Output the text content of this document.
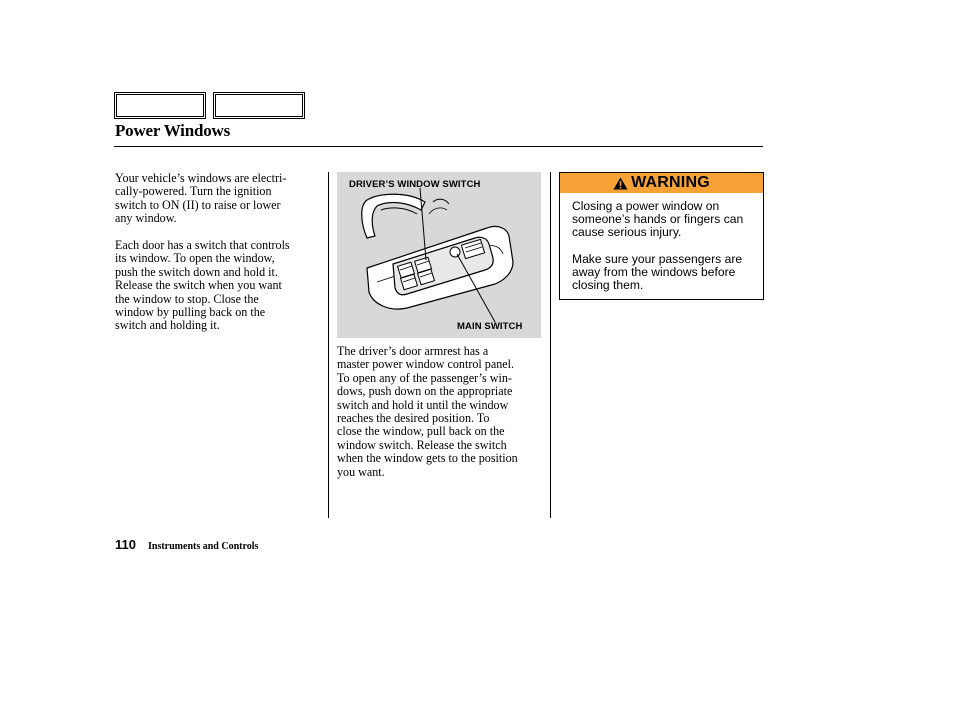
Power Windows

Your vehicle’s windows are electri-
cally-powered. Turn the ignition
switch to ON (II) to raise or lower
any window.

Each door has a switch that controls
its window. To open the window,
push the switch down and hold it.
Release the switch when you want
the window to stop. Close the
window by pulling back on the
switch and holding it.

DRIVER’S WINDOW SWITCH
MAIN SWITCH

The driver’s door armrest has a
master power window control panel.
To open any of the passenger’s win-
dows, push down on the appropriate
switch and hold it until the window
reaches the desired position. To
close the window, pull back on the
window switch. Release the switch
when the window gets to the position
you want.

WARNING

Closing a power window on
someone’s hands or fingers can
cause serious injury.

Make sure your passengers are
away from the windows before
closing them.

110 Instruments and Controls
